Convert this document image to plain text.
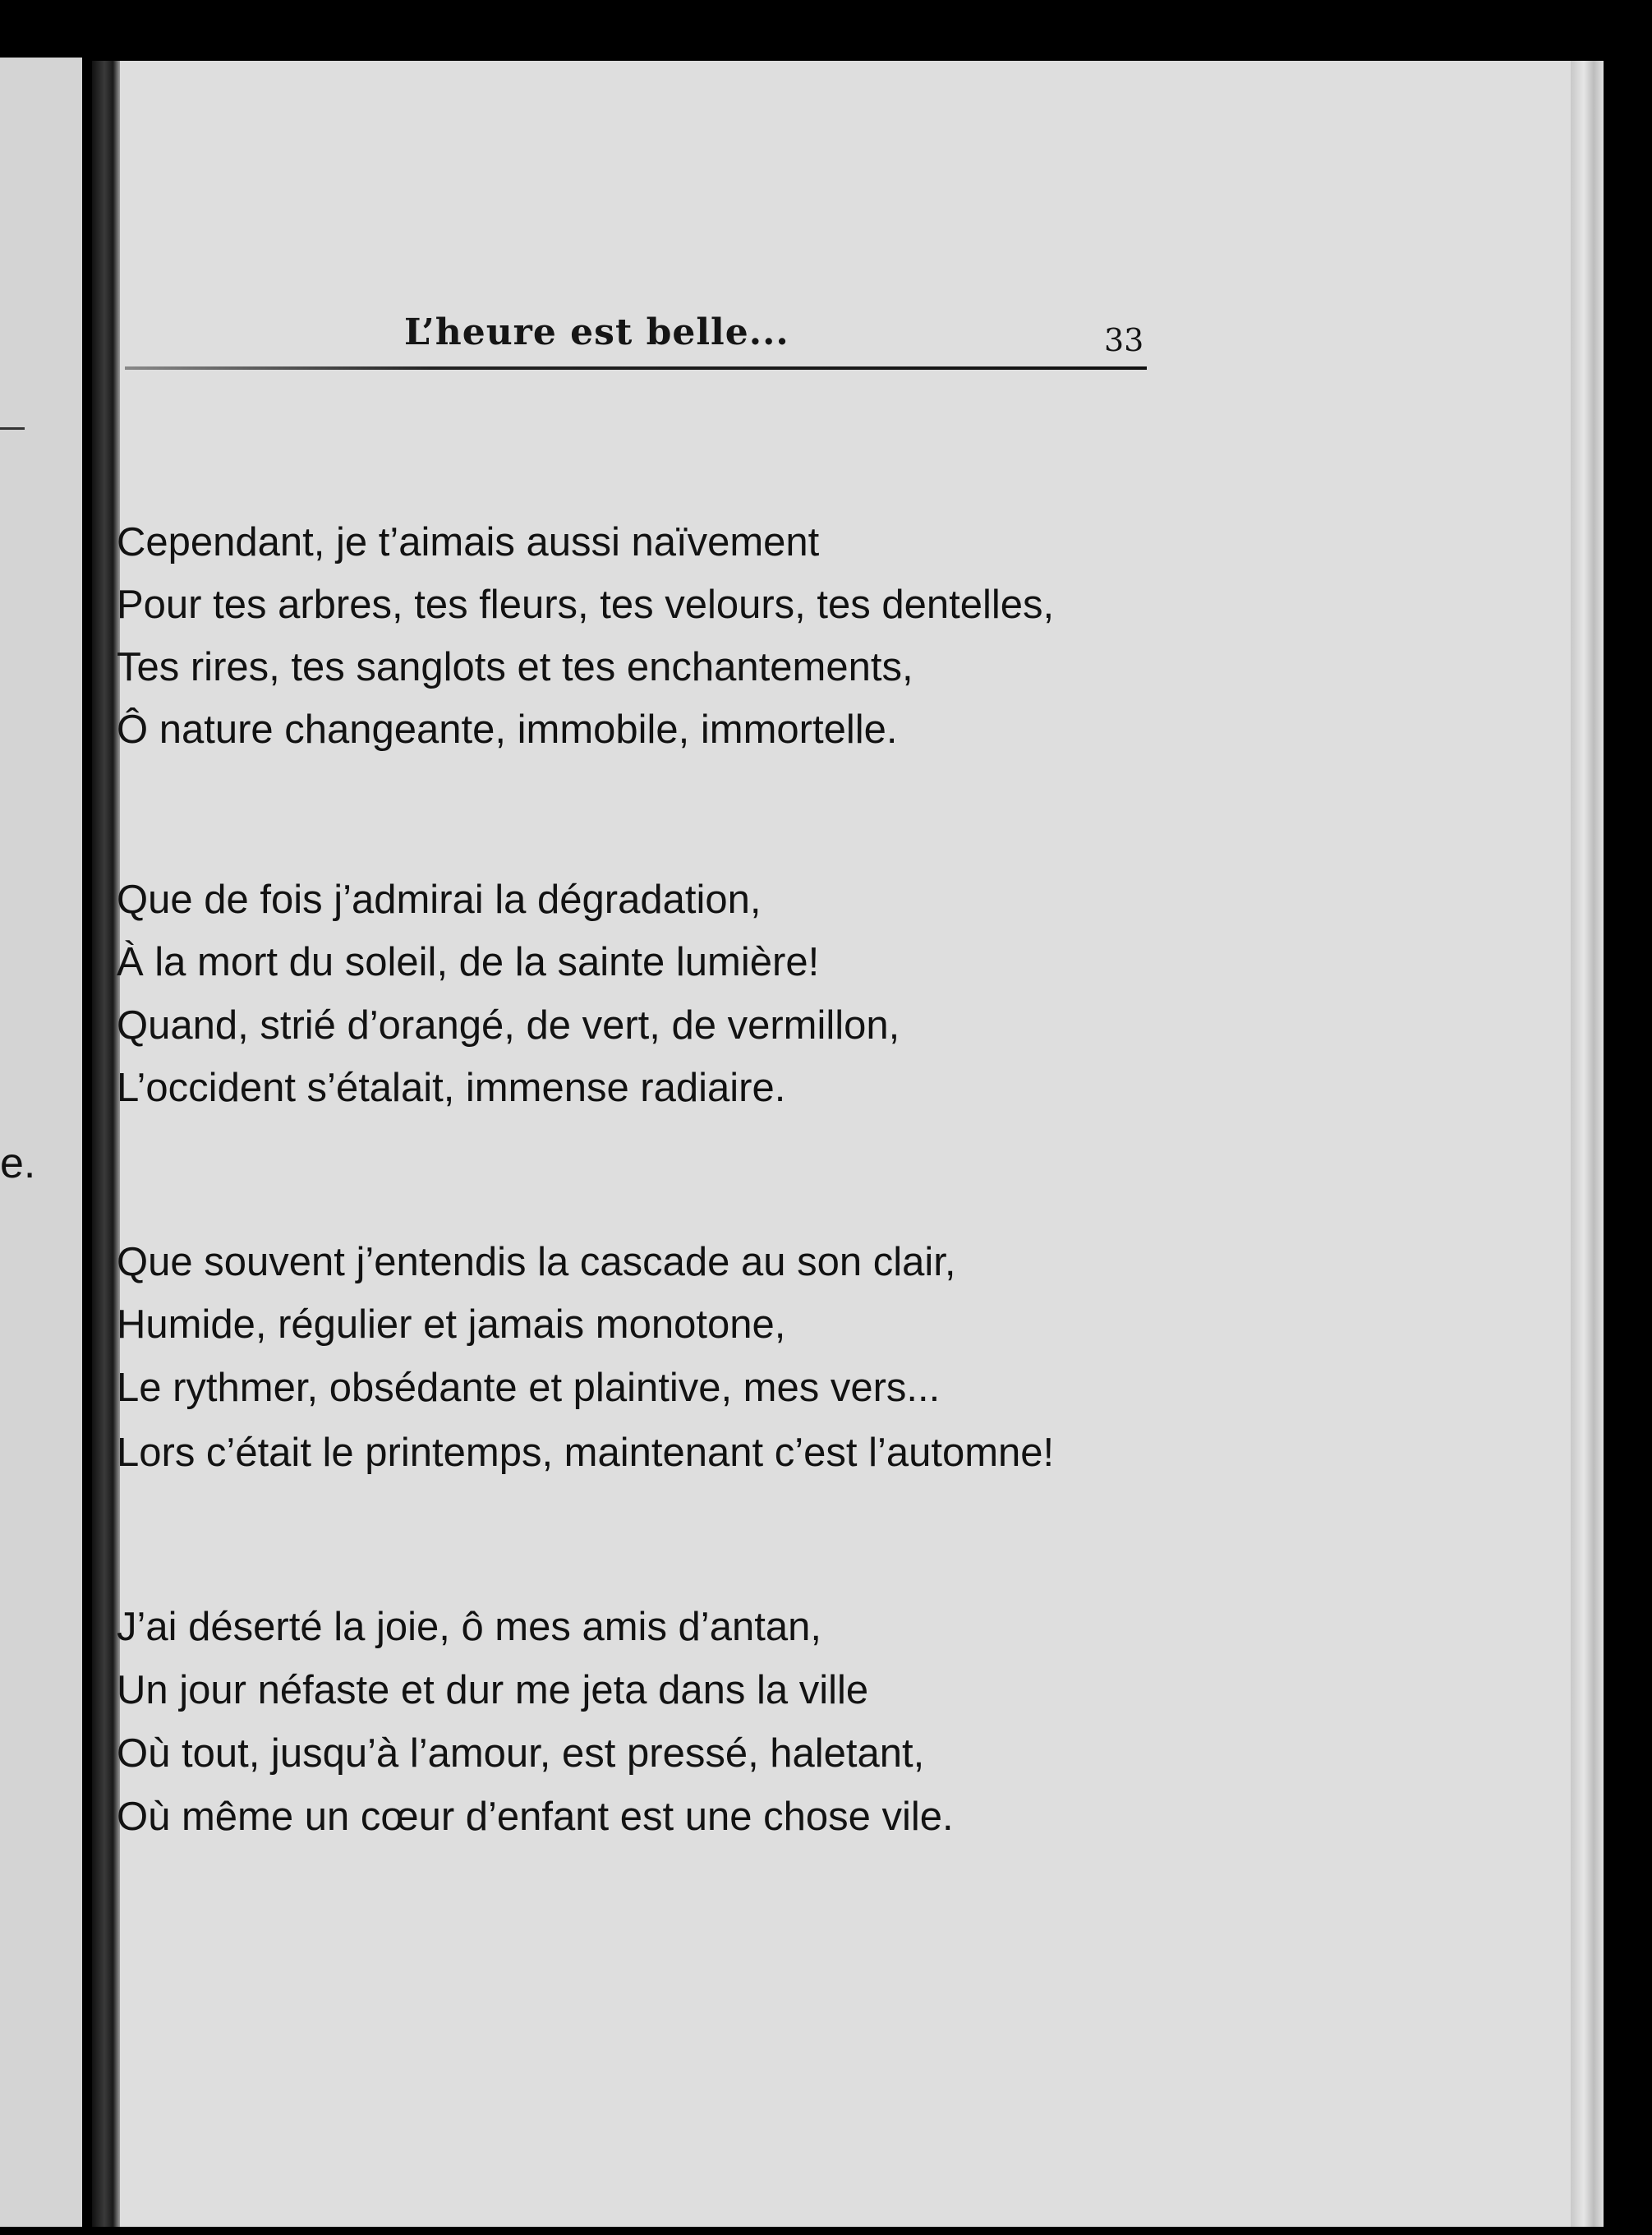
e.
L’heure est belle...	33
Cependant, je t’aimais aussi naïvement
Pour tes arbres, tes fleurs, tes velours, tes dentelles,
Tes rires, tes sanglots et tes enchantements,
Ô nature changeante, immobile, immortelle.
Que de fois j’admirai la dégradation,
À la mort du soleil, de la sainte lumière!
Quand, strié d’orangé, de vert, de vermillon,
L’occident s’étalait, immense radiaire.
Que souvent j’entendis la cascade au son clair,
Humide, régulier et jamais monotone,
Le rythmer, obsédante et plaintive, mes vers...
Lors c’était le printemps, maintenant c’est l’automne!
J’ai déserté la joie, ô mes amis d’antan,
Un jour néfaste et dur me jeta dans la ville
Où tout, jusqu’à l’amour, est pressé, haletant,
Où même un cœur d’enfant est une chose vile.
